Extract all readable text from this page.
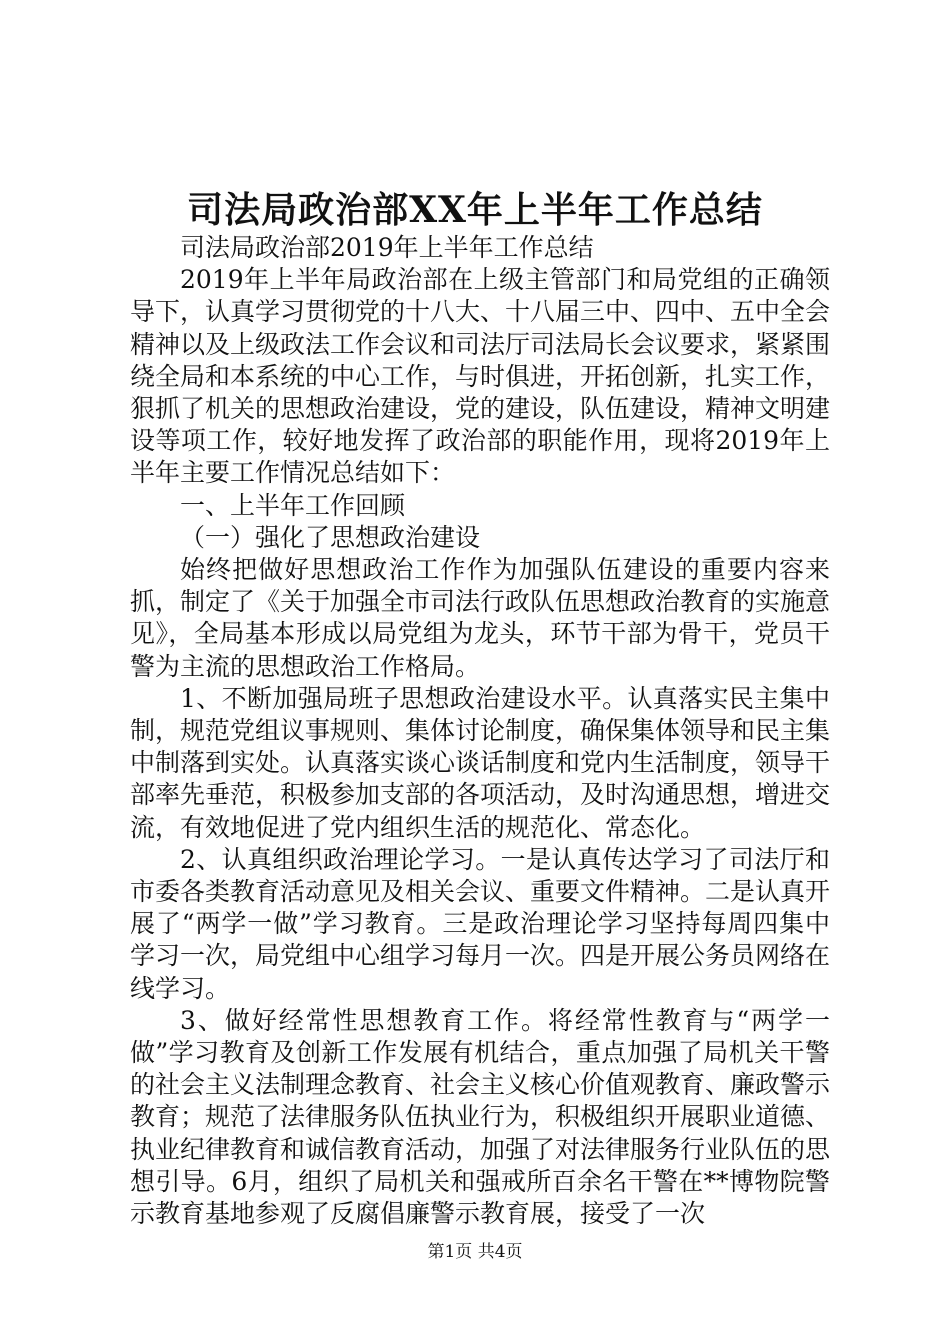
司法局政治部XX年上半年工作总结

司法局政治部2019年上半年工作总结

2019年上半年局政治部在上级主管部门和局党组的正确领导下，认真学习贯彻党的十八大、十八届三中、四中、五中全会精神以及上级政法工作会议和司法厅司法局长会议要求，紧紧围绕全局和本系统的中心工作，与时俱进，开拓创新，扎实工作，狠抓了机关的思想政治建设，党的建设，队伍建设，精神文明建设等项工作，较好地发挥了政治部的职能作用，现将2019年上半年主要工作情况总结如下：

一、上半年工作回顾

（一）强化了思想政治建设

始终把做好思想政治工作作为加强队伍建设的重要内容来抓，制定了《关于加强全市司法行政队伍思想政治教育的实施意见》，全局基本形成以局党组为龙头，环节干部为骨干，党员干警为主流的思想政治工作格局。

1、不断加强局班子思想政治建设水平。认真落实民主集中制，规范党组议事规则、集体讨论制度，确保集体领导和民主集中制落到实处。认真落实谈心谈话制度和党内生活制度，领导干部率先垂范，积极参加支部的各项活动，及时沟通思想，增进交流，有效地促进了党内组织生活的规范化、常态化。

2、认真组织政治理论学习。一是认真传达学习了司法厅和市委各类教育活动意见及相关会议、重要文件精神。二是认真开展了“两学一做”学习教育。三是政治理论学习坚持每周四集中学习一次，局党组中心组学习每月一次。四是开展公务员网络在线学习。

3、做好经常性思想教育工作。将经常性教育与“两学一做”学习教育及创新工作发展有机结合，重点加强了局机关干警的社会主义法制理念教育、社会主义核心价值观教育、廉政警示教育；规范了法律服务队伍执业行为，积极组织开展职业道德、执业纪律教育和诚信教育活动，加强了对法律服务行业队伍的思想引导。6月，组织了局机关和强戒所百余名干警在**博物院警示教育基地参观了反腐倡廉警示教育展，接受了一次

第1页 共4页
